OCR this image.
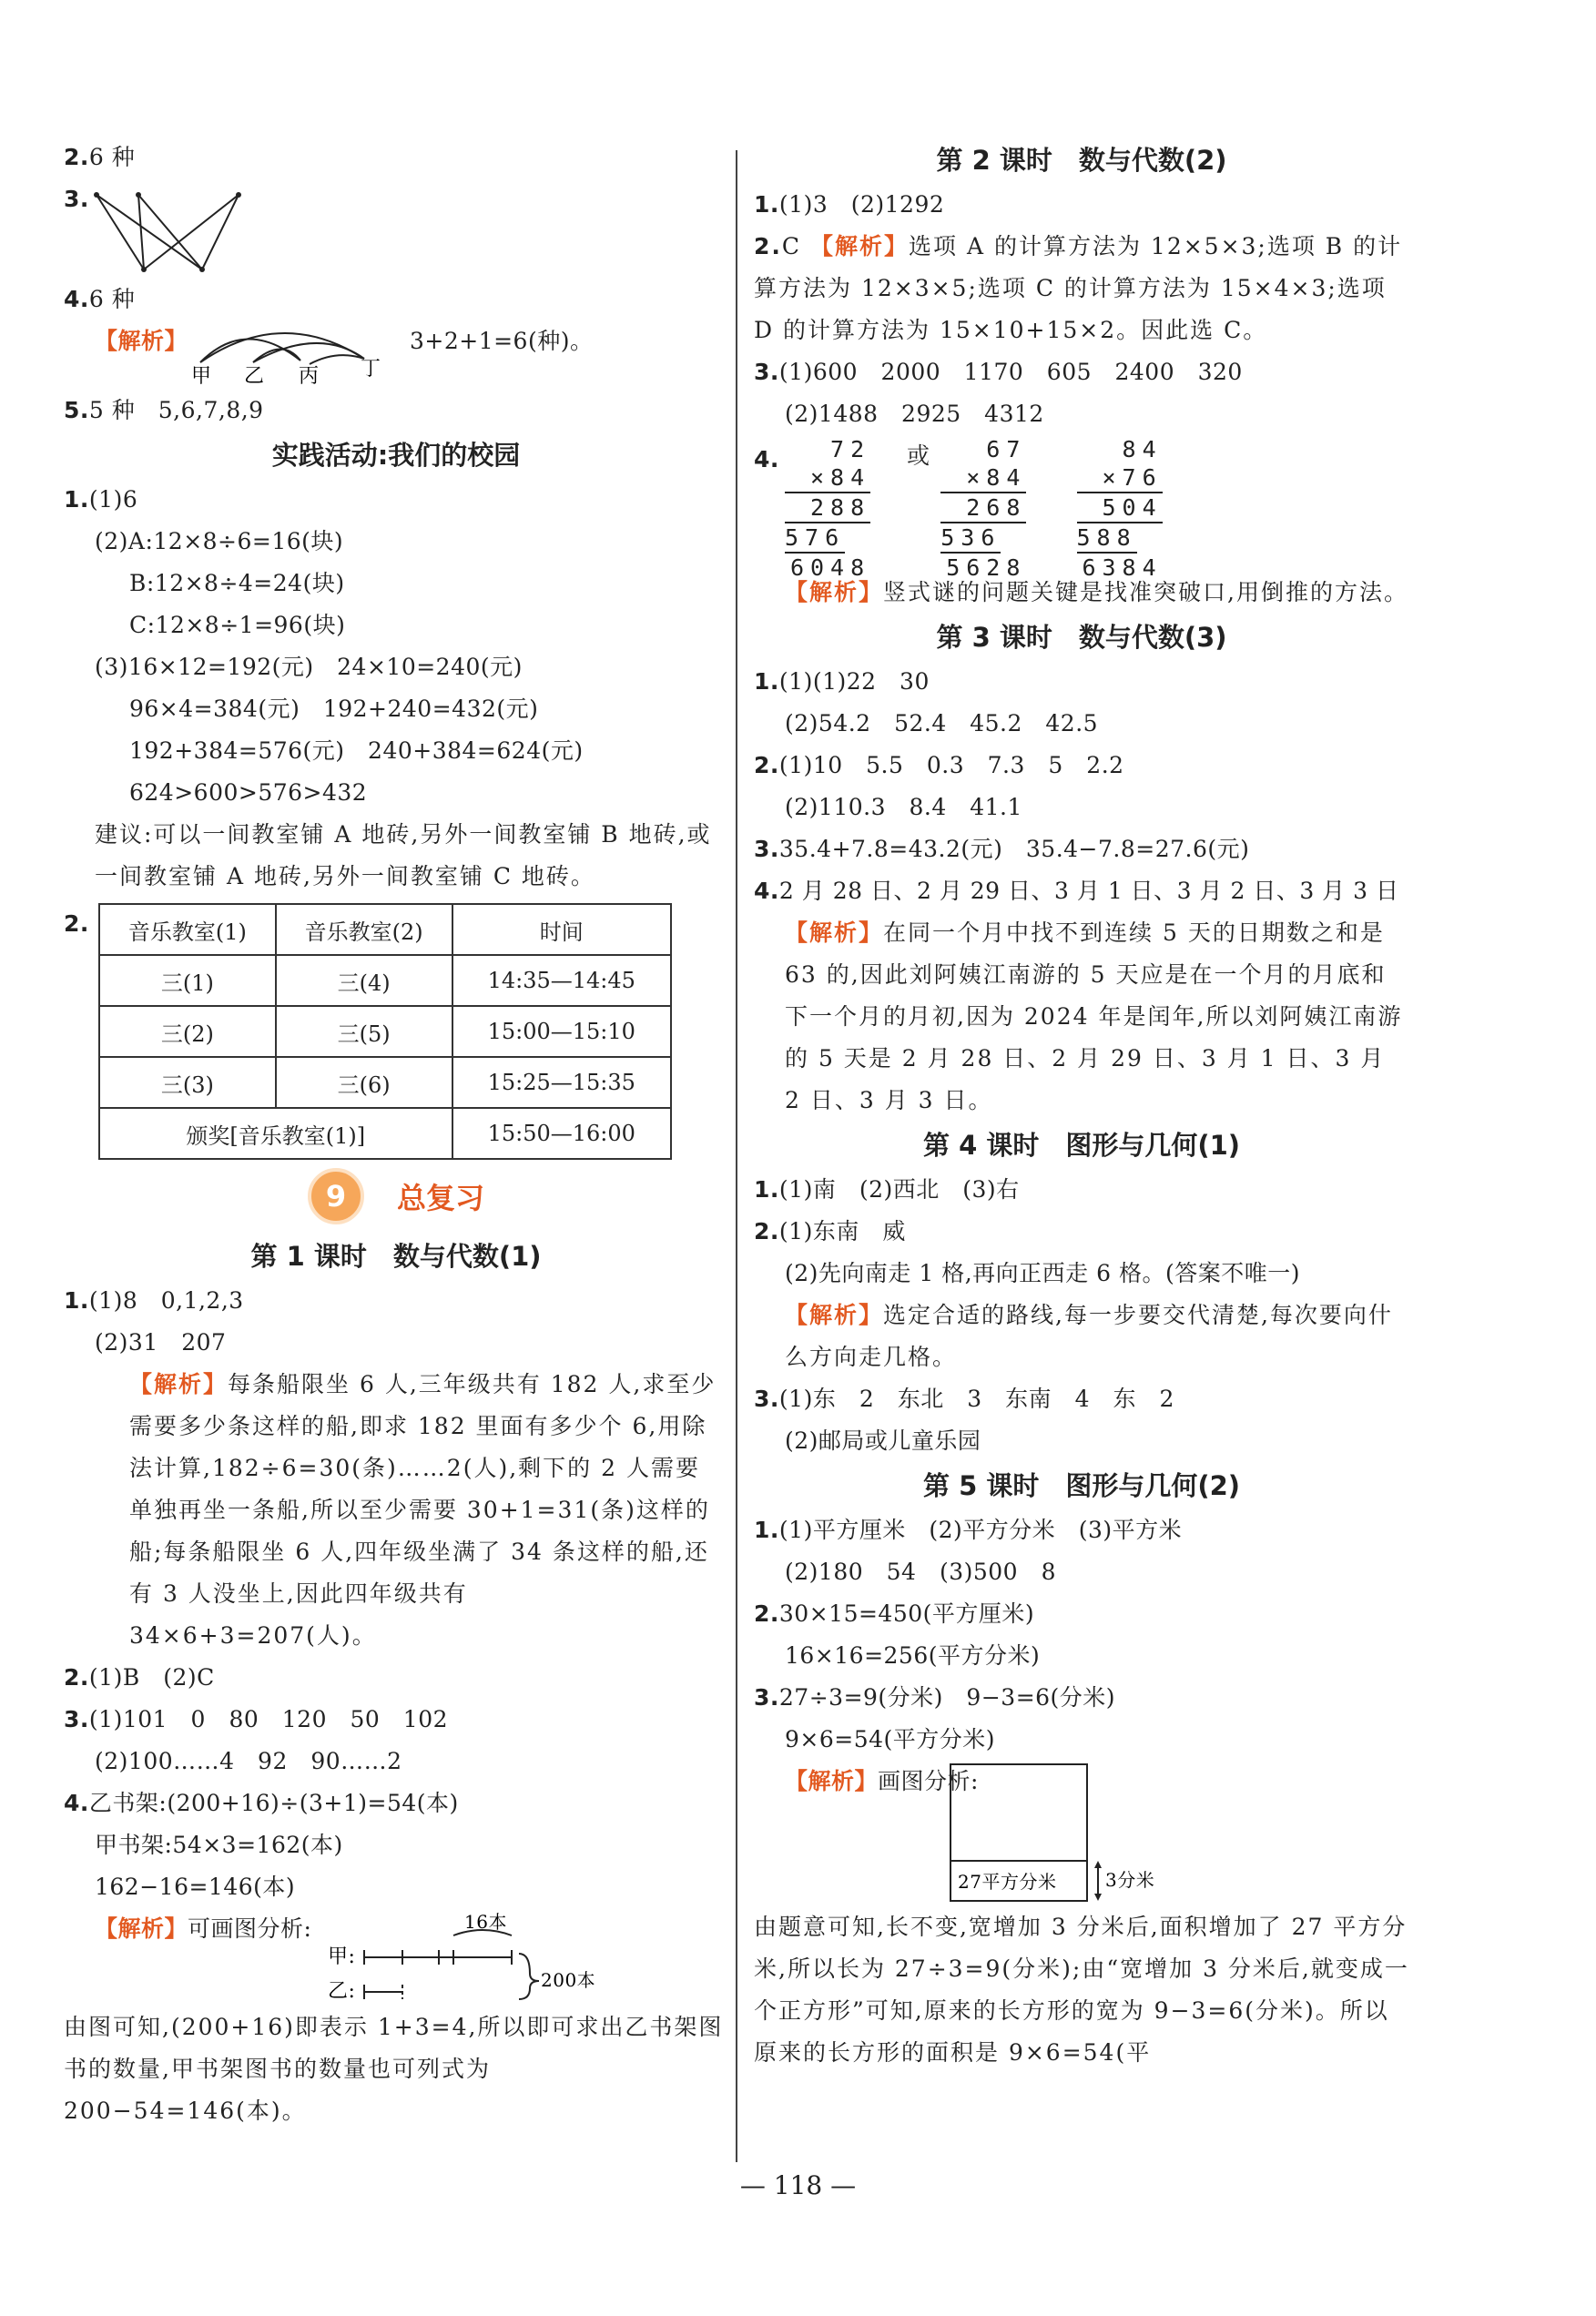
2.6 种
3.
4.6 种
【解析】
甲 乙 丙 丁
3+2+1=6(种)。
5.5 种　5,6,7,8,9
实践活动:我们的校园
1.(1)6
(2)A:12×8÷6=16(块)
B:12×8÷4=24(块)
C:12×8÷1=96(块)
(3)16×12=192(元)　24×10=240(元)
96×4=384(元)　192+240=432(元)
192+384=576(元)　240+384=624(元)
624>600>576>432
建议:可以一间教室铺 A 地砖,另外一间教室铺 B 地砖,或一间教室铺 A 地砖,另外一间教室铺 C 地砖。
2. 音乐教室(1)	音乐教室(2)	时间
三(1)	三(4)	14:35—14:45
三(2)	三(5)	15:00—15:10
三(3)	三(6)	15:25—15:35
颁奖[音乐教室(1)]		15:50—16:00
9	总复习
第 1 课时　数与代数(1)
1.(1)8　0,1,2,3
(2)31　207
【解析】每条船限坐 6 人,三年级共有 182 人,求至少需要多少条这样的船,即求 182 里面有多少个 6,用除法计算,182÷6=30(条)……2(人),剩下的 2 人需要单独再坐一条船,所以至少需要 30+1=31(条)这样的船;每条船限坐 6 人,四年级坐满了 34 条这样的船,还有 3 人没坐上,因此四年级共有 34×6+3=207(人)。
2.(1)B　(2)C
3.(1)101　0　80　120　50　102
(2)100……4　92　90……2
4.乙书架:(200+16)÷(3+1)=54(本)
甲书架:54×3=162(本)
162−16=146(本)
【解析】可画图分析:	16本
甲:
乙:	200本
由图可知,(200+16)即表示 1+3=4,所以即可求出乙书架图书的数量,甲书架图书的数量也可列式为 200−54=146(本)。
第 2 课时　数与代数(2)
1.(1)3　(2)1292
2.C 【解析】选项 A 的计算方法为 12×5×3;选项 B 的计算方法为 12×3×5;选项 C 的计算方法为 15×4×3;选项 D 的计算方法为 15×10+15×2。因此选 C。
3.(1)600　2000　1170　605　2400　320
(2)1488　2925　4312
4.	72
×84
288
576
6048

或	67
×84
268
536
5628

84
×76
504
588
6384
【解析】竖式谜的问题关键是找准突破口,用倒推的方法。
第 3 课时　数与代数(3)
1.(1)(1)22　30
(2)54.2　52.4　45.2　42.5
2.(1)10　5.5　0.3　7.3　5　2.2
(2)110.3　8.4　41.1
3.35.4+7.8=43.2(元)　35.4−7.8=27.6(元)
4.2 月 28 日、2 月 29 日、3 月 1 日、3 月 2 日、3 月 3 日
【解析】在同一个月中找不到连续 5 天的日期数之和是 63 的,因此刘阿姨江南游的 5 天应是在一个月的月底和下一个月的月初,因为 2024 年是闰年,所以刘阿姨江南游的 5 天是 2 月 28 日、2 月 29 日、3 月 1 日、3 月 2 日、3 月 3 日。
第 4 课时　图形与几何(1)
1.(1)南　(2)西北　(3)右
2.(1)东南　威
(2)先向南走 1 格,再向正西走 6 格。(答案不唯一)
【解析】选定合适的路线,每一步要交代清楚,每次要向什么方向走几格。
3.(1)东　2　东北　3　东南　4　东　2
(2)邮局或儿童乐园
第 5 课时　图形与几何(2)
1.(1)平方厘米　(2)平方分米　(3)平方米
(2)180　54　(3)500　8
2.30×15=450(平方厘米)
16×16=256(平方分米)
3.27÷3=9(分米)　9−3=6(分米)
9×6=54(平方分米)
【解析】画图分析:
27平方分米	3分米
由题意可知,长不变,宽增加 3 分米后,面积增加了 27 平方分米,所以长为 27÷3=9(分米);由“宽增加 3 分米后,就变成一个正方形”可知,原来的长方形的宽为 9−3=6(分米)。所以原来的长方形的面积是 9×6=54(平
— 118 —
